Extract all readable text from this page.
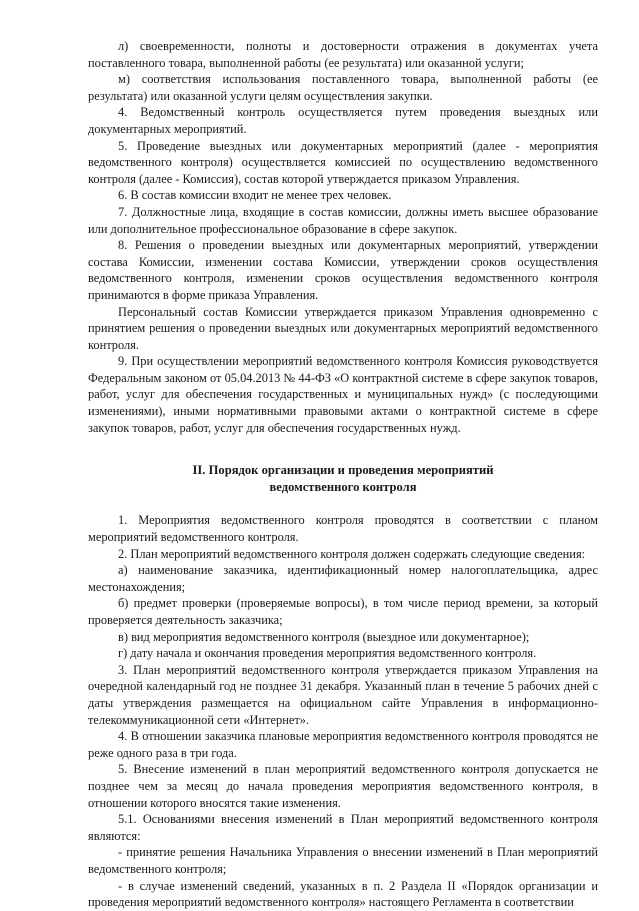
л) своевременности, полноты и достоверности отражения в документах учета поставленного товара, выполненной работы (ее результата) или оказанной услуги;

м) соответствия использования поставленного товара, выполненной работы (ее результата) или оказанной услуги целям осуществления закупки.

4. Ведомственный контроль осуществляется путем проведения выездных или документарных мероприятий.

5. Проведение выездных или документарных мероприятий (далее - мероприятия ведомственного контроля) осуществляется комиссией по осуществлению ведомственного контроля (далее - Комиссия), состав которой утверждается приказом Управления.

6. В состав комиссии входит не менее трех человек.

7. Должностные лица, входящие в состав комиссии, должны иметь высшее образование или дополнительное профессиональное образование в сфере закупок.

8. Решения о проведении выездных или документарных мероприятий, утверждении состава Комиссии, изменении состава Комиссии, утверждении сроков осуществления ведомственного контроля, изменении сроков осуществления ведомственного контроля принимаются в форме приказа Управления.

Персональный состав Комиссии утверждается приказом Управления одновременно с принятием решения о проведении выездных или документарных мероприятий ведомственного контроля.

9. При осуществлении мероприятий ведомственного контроля Комиссия руководствуется Федеральным законом от 05.04.2013 № 44-ФЗ «О контрактной системе в сфере закупок товаров, работ, услуг для обеспечения государственных и муниципальных нужд» (с последующими изменениями), иными нормативными правовыми актами о контрактной системе в сфере закупок товаров, работ, услуг для обеспечения государственных нужд.

II. Порядок организации и проведения мероприятий

ведомственного контроля

1. Мероприятия ведомственного контроля проводятся в соответствии с планом мероприятий ведомственного контроля.

2. План мероприятий ведомственного контроля должен содержать следующие сведения:

а) наименование заказчика, идентификационный номер налогоплательщика, адрес местонахождения;

б) предмет проверки (проверяемые вопросы), в том числе период времени, за который проверяется деятельность заказчика;

в) вид мероприятия ведомственного контроля (выездное или документарное);

г) дату начала и окончания проведения мероприятия ведомственного контроля.

3. План мероприятий ведомственного контроля утверждается приказом Управления на очередной календарный год не позднее 31 декабря. Указанный план в течение 5 рабочих дней с даты утверждения размещается на официальном сайте Управления в информационно-телекоммуникационной сети «Интернет».

4. В отношении заказчика плановые мероприятия ведомственного контроля проводятся не реже одного раза в три года.

5. Внесение изменений в план мероприятий ведомственного контроля допускается не позднее чем за месяц до начала проведения мероприятия ведомственного контроля, в отношении которого вносятся такие изменения.

5.1. Основаниями внесения изменений в План мероприятий ведомственного контроля являются:

- принятие решения Начальника Управления о внесении изменений в План мероприятий ведомственного контроля;

- в случае изменений сведений, указанных в п. 2 Раздела II «Порядок организации и проведения мероприятий ведомственного контроля» настоящего Регламента в соответствии
